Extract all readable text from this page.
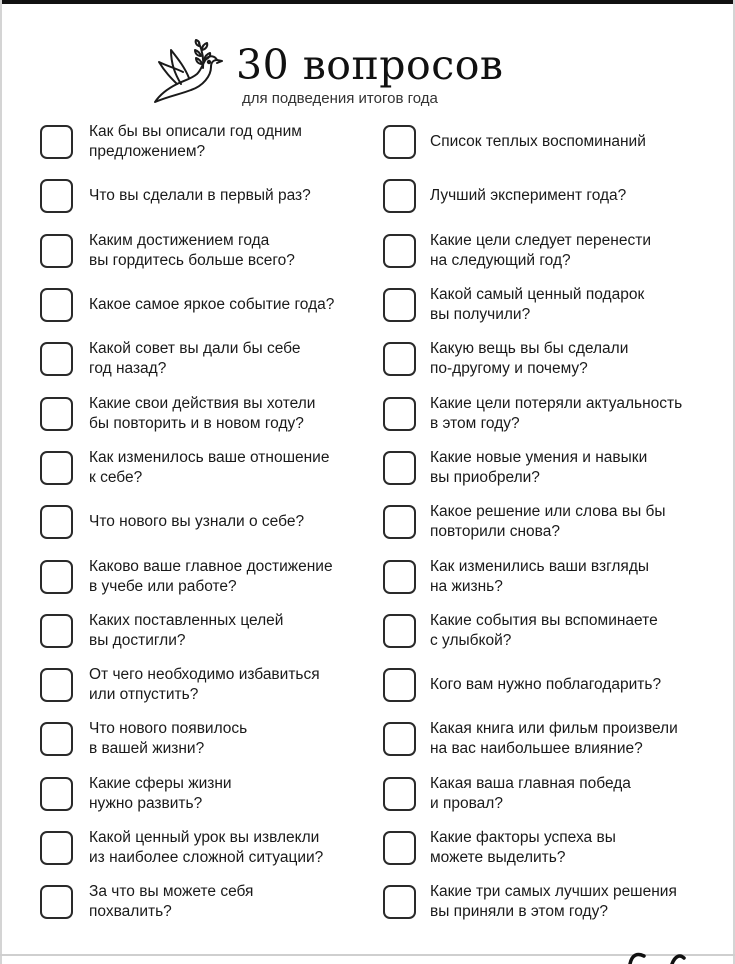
30 вопросов
для подведения итогов года
Как бы вы описали год одним
предложением?
Список теплых воспоминаний
Что вы сделали в первый раз?	Лучший эксперимент года?
Каким достижением года
вы гордитесь больше всего?
Какие цели следует перенести
на следующий год?
Какое самое яркое событие года?
Какой самый ценный подарок
вы получили?
Какой совет вы дали бы себе
год назад?
Какую вещь вы бы сделали
по-другому и почему?
Какие свои действия вы хотели
бы повторить и в новом году?
Какие цели потеряли актуальность
в этом году?
Как изменилось ваше отношение
к себе?
Какие новые умения и навыки
вы приобрели?
Что нового вы узнали о себе?
Какое решение или слова вы бы
повторили снова?
Каково ваше главное достижение
в учебе или работе?
Как изменились ваши взгляды
на жизнь?
Каких поставленных целей
вы достигли?
Какие события вы вспоминаете
с улыбкой?
От чего необходимо избавиться
или отпустить?
Кого вам нужно поблагодарить?
Что нового появилось
в вашей жизни?
Какая книга или фильм произвели
на вас наибольшее влияние?
Какие сферы жизни
нужно развить?
Какая ваша главная победа
и провал?
Какой ценный урок вы извлекли
из наиболее сложной ситуации?
Какие факторы успеха вы
можете выделить?
За что вы можете себя
похвалить?
Какие три самых лучших решения
вы приняли в этом году?
